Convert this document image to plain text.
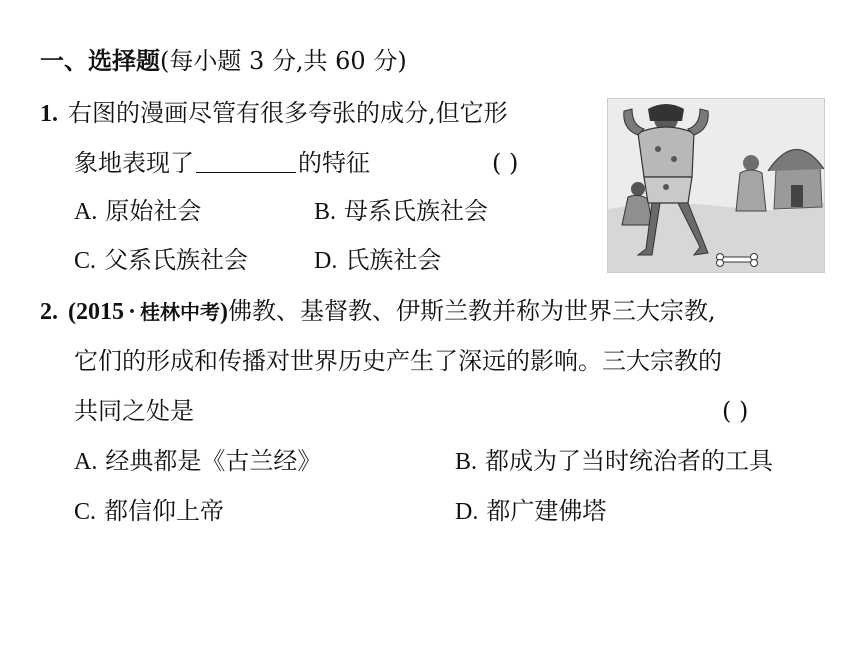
一、选择题(每小题 3 分,共 60 分)
1. 右图的漫画尽管有很多夸张的成分,但它形
象地表现了	的特征	( )
A. 原始社会	B. 母系氏族社会
C. 父系氏族社会	D. 氏族社会
2. (2015 · 桂林中考)佛教、基督教、伊斯兰教并称为世界三大宗教,
它们的形成和传播对世界历史产生了深远的影响。三大宗教的
共同之处是	( )
A. 经典都是《古兰经》	B. 都成为了当时统治者的工具
C. 都信仰上帝	D. 都广建佛塔
